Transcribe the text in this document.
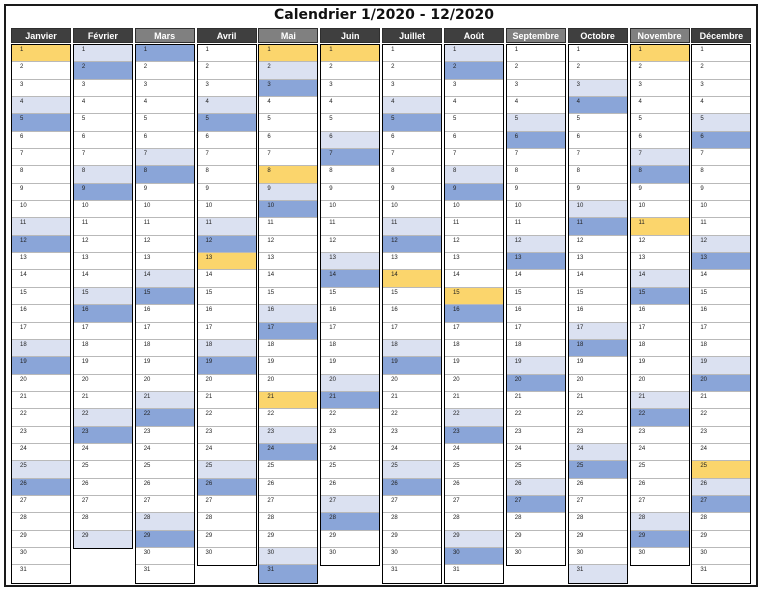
Calendrier 1/2020 - 12/2020
Janvier
1
2
3
4
5
6
7
8
9
10
11
12
13
14
15
16
17
18
19
20
21
22
23
24
25
26
27
28
29
30
31
Février
1
2
3
4
5
6
7
8
9
10
11
12
13
14
15
16
17
18
19
20
21
22
23
24
25
26
27
28
29
Mars
1
2
3
4
5
6
7
8
9
10
11
12
13
14
15
16
17
18
19
20
21
22
23
24
25
26
27
28
29
30
31
Avril
1
2
3
4
5
6
7
8
9
10
11
12
13
14
15
16
17
18
19
20
21
22
23
24
25
26
27
28
29
30
Mai
1
2
3
4
5
6
7
8
9
10
11
12
13
14
15
16
17
18
19
20
21
22
23
24
25
26
27
28
29
30
31
Juin
1
2
3
4
5
6
7
8
9
10
11
12
13
14
15
16
17
18
19
20
21
22
23
24
25
26
27
28
29
30
Juillet
1
2
3
4
5
6
7
8
9
10
11
12
13
14
15
16
17
18
19
20
21
22
23
24
25
26
27
28
29
30
31
Août
1
2
3
4
5
6
7
8
9
10
11
12
13
14
15
16
17
18
19
20
21
22
23
24
25
26
27
28
29
30
31
Septembre
1
2
3
4
5
6
7
8
9
10
11
12
13
14
15
16
17
18
19
20
21
22
23
24
25
26
27
28
29
30
Octobre
1
2
3
4
5
6
7
8
9
10
11
12
13
14
15
16
17
18
19
20
21
22
23
24
25
26
27
28
29
30
31
Novembre
1
2
3
4
5
6
7
8
9
10
11
12
13
14
15
16
17
18
19
20
21
22
23
24
25
26
27
28
29
30
Décembre
1
2
3
4
5
6
7
8
9
10
11
12
13
14
15
16
17
18
19
20
21
22
23
24
25
26
27
28
29
30
31
